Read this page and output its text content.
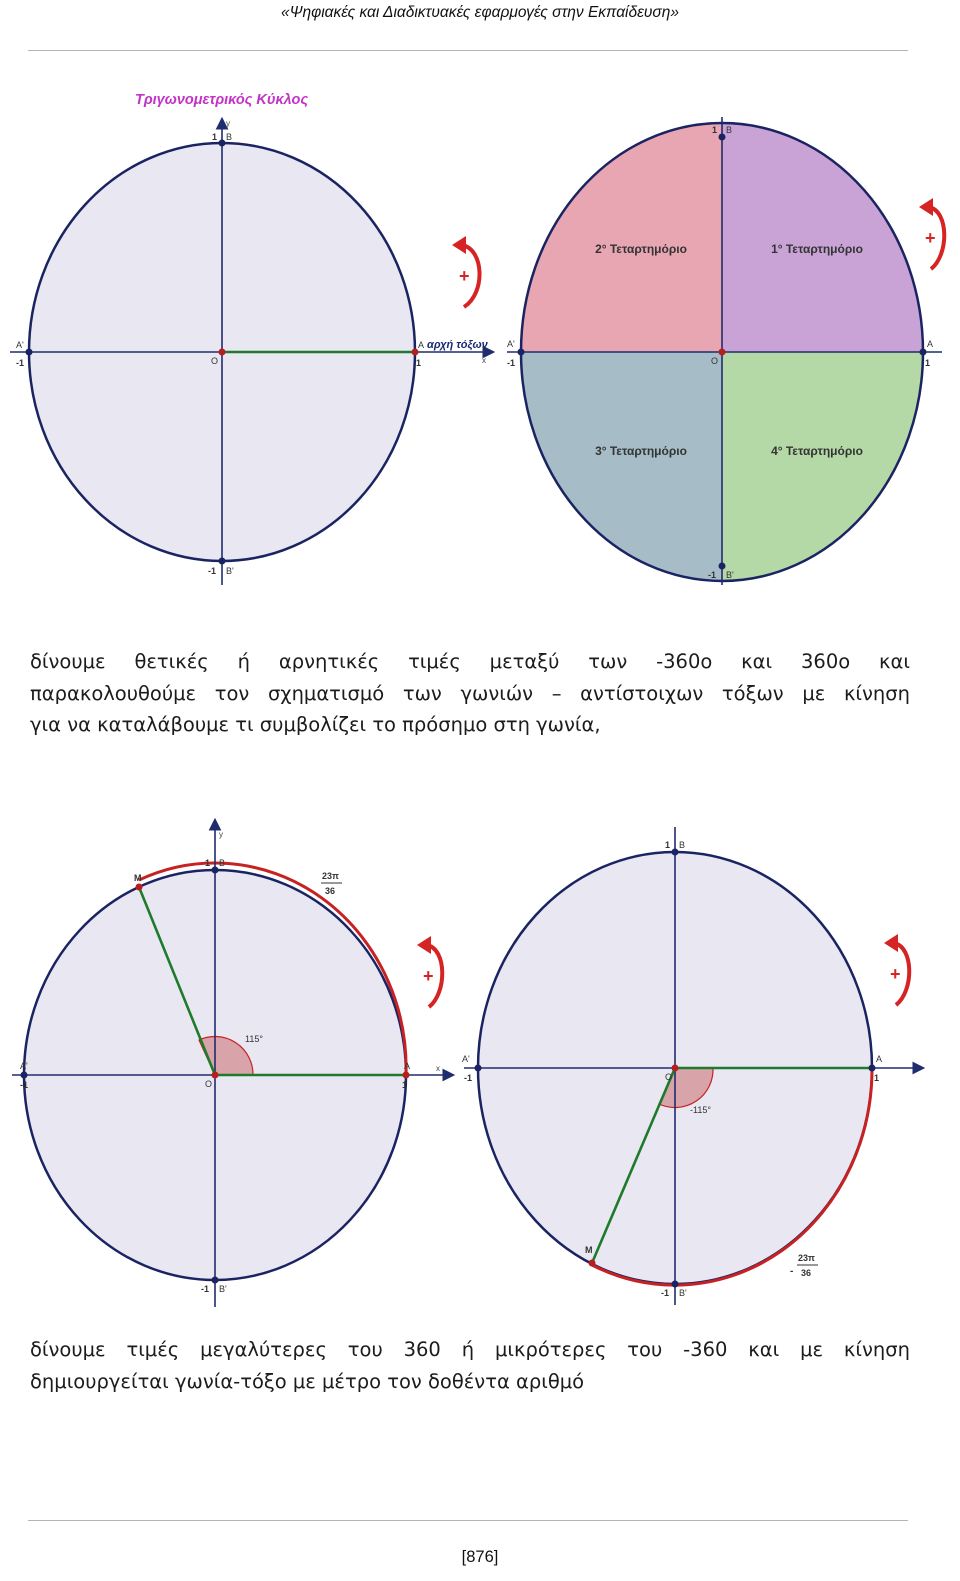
«Ψηφιακές και Διαδικτυακές εφαρμογές στην Εκπαίδευση»
Τριγωνομετρικός Κύκλος
y
x
B
1
B'
-1
A'
-1	O
A
1
αρχή τόξων
+
2° Τεταρτημόριο	1° Τεταρτημόριο
3° Τεταρτημόριο	4° Τεταρτημόριο
B
1
B'
-1
A'
-1	O
A
1
+
δίνουμε θετικές ή αρνητικές τιμές μεταξύ των -360ο και 360ο και
παρακολουθούμε τον σχηματισμό των γωνιών – αντίστοιχων τόξων με κίνηση
για να καταλάβουμε τι συμβολίζει το πρόσημο στη γωνία,
115°
23π
36
M
y
x
B
1
B'
-1
A'
-1	O
A
1
+
-115°
-
23π
36
M
B
1
B'
-1
A'
-1	O
A
1
+
δίνουμε τιμές μεγαλύτερες του 360 ή μικρότερες του -360 και με κίνηση
δημιουργείται γωνία-τόξο με μέτρο τον δοθέντα αριθμό
[876]
